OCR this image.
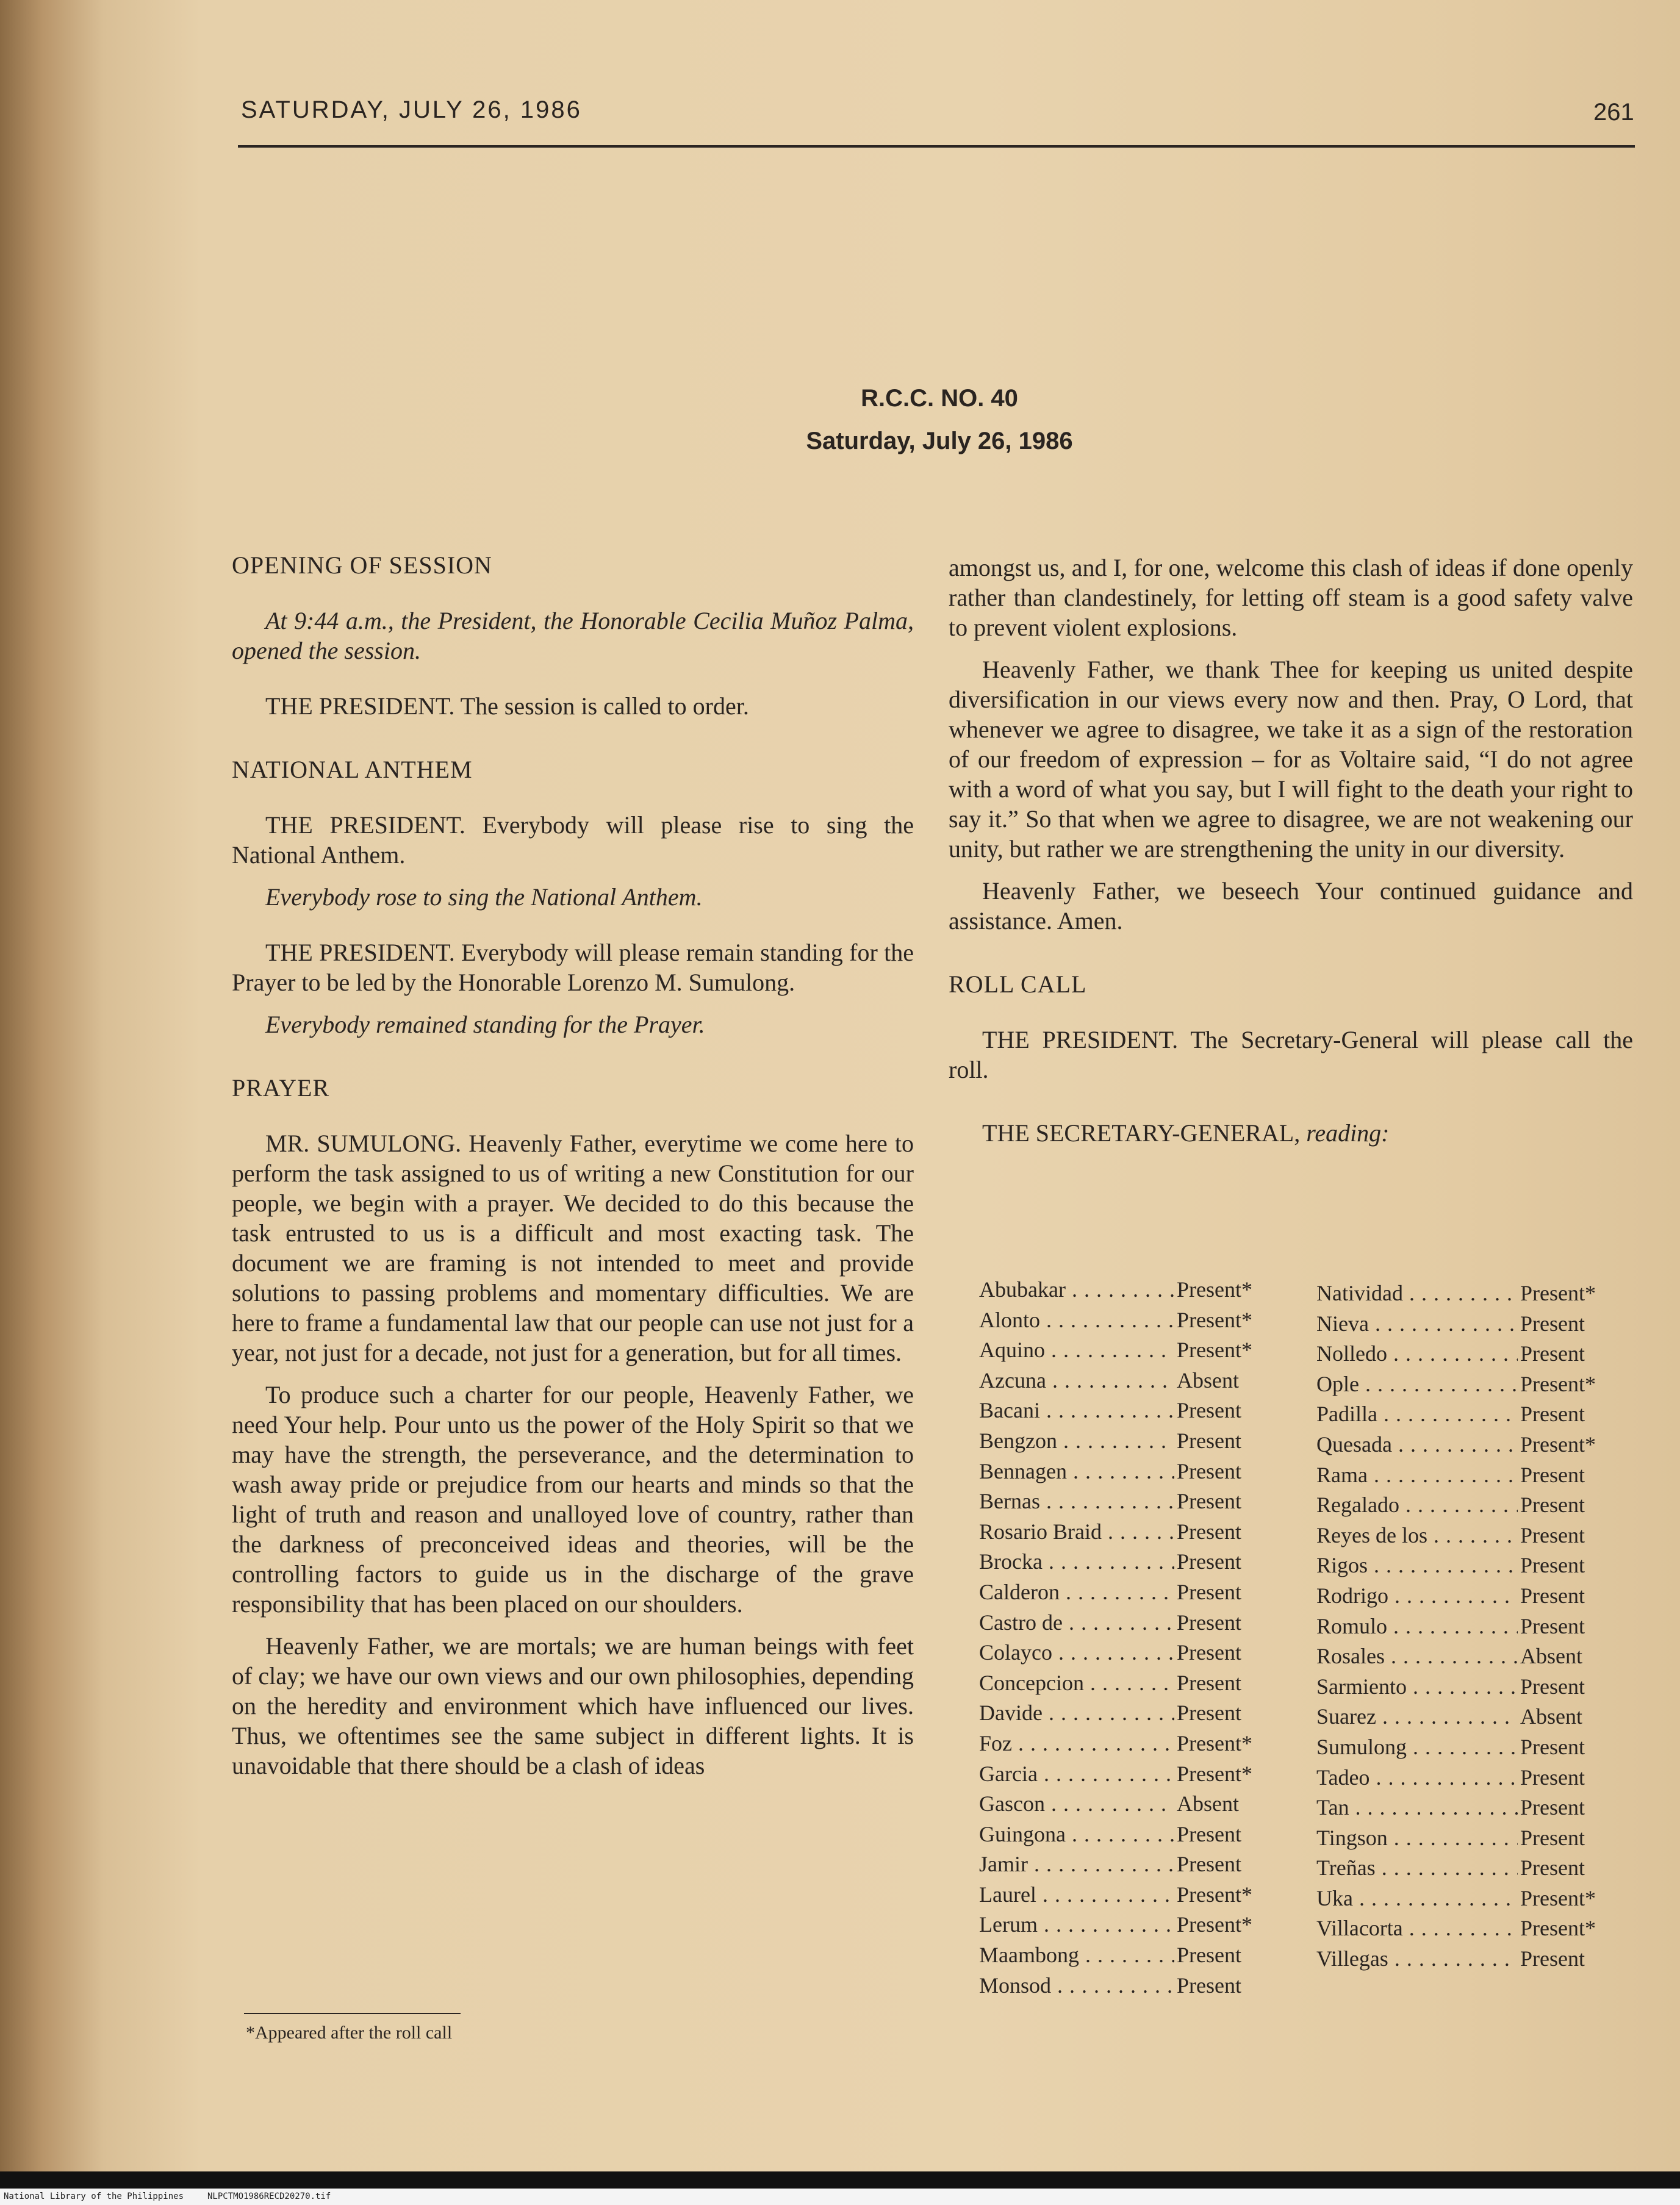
SATURDAY, JULY 26, 1986	261
R.C.C. NO. 40
Saturday, July 26, 1986

OPENING OF SESSION

At 9:44 a.m., the President, the Honorable Cecilia Muñoz Palma, opened the session.

THE PRESIDENT. The session is called to order.

NATIONAL ANTHEM

THE PRESIDENT. Everybody will please rise to sing the National Anthem.

Everybody rose to sing the National Anthem.

THE PRESIDENT. Everybody will please remain standing for the Prayer to be led by the Honorable Lorenzo M. Sumulong.

Everybody remained standing for the Prayer.

PRAYER

MR. SUMULONG. Heavenly Father, everytime we come here to perform the task assigned to us of writing a new Constitution for our people, we begin with a prayer. We decided to do this because the task entrusted to us is a difficult and most exacting task. The document we are framing is not intended to meet and provide solutions to passing problems and momentary difficulties. We are here to frame a fundamental law that our people can use not just for a year, not just for a decade, not just for a generation, but for all times.

To produce such a charter for our people, Heavenly Father, we need Your help. Pour unto us the power of the Holy Spirit so that we may have the strength, the perseverance, and the determination to wash away pride or prejudice from our hearts and minds so that the light of truth and reason and unalloyed love of country, rather than the darkness of preconceived ideas and theories, will be the controlling factors to guide us in the discharge of the grave responsibility that has been placed on our shoulders.

Heavenly Father, we are mortals; we are human beings with feet of clay; we have our own views and our own philosophies, depending on the heredity and environment which have influenced our lives. Thus, we oftentimes see the same subject in different lights. It is unavoidable that there should be a clash of ideas

amongst us, and I, for one, welcome this clash of ideas if done openly rather than clandestinely, for letting off steam is a good safety valve to prevent violent explosions.

Heavenly Father, we thank Thee for keeping us united despite diversification in our views every now and then. Pray, O Lord, that whenever we agree to disagree, we take it as a sign of the restoration of our freedom of expression – for as Voltaire said, “I do not agree with a word of what you say, but I will fight to the death your right to say it.” So that when we agree to disagree, we are not weakening our unity, but rather we are strengthening the unity in our diversity.

Heavenly Father, we beseech Your continued guidance and assistance. Amen.

ROLL CALL

THE PRESIDENT. The Secretary-General will please call the roll.

THE SECRETARY-GENERAL, reading:

Abubakar . . .	Present*
Alonto . . .	Present*
Aquino . . .	Present*
Azcuna . . .	Absent
Bacani . . .	Present
Bengzon . . .	Present
Bennagen . . .	Present
Bernas . . .	Present
Rosario Braid . . .	Present
Brocka . . .	Present
Calderon . . .	Present
Castro de . . .	Present
Colayco . . .	Present
Concepcion . . .	Present
Davide . . .	Present
Foz . . .	Present*
Garcia . . .	Present*
Gascon . . .	Absent
Guingona . . .	Present
Jamir . . .	Present
Laurel . . .	Present*
Lerum . . .	Present*
Maambong . . .	Present
Monsod . . .	Present
Natividad . . .	Present*
Nieva . . .	Present
Nolledo . . .	Present
Ople . . .	Present*
Padilla . . .	Present
Quesada . . .	Present*
Rama . . .	Present
Regalado . . .	Present
Reyes de los . . .	Present
Rigos . . .	Present
Rodrigo . . .	Present
Romulo . . .	Present
Rosales . . .	Absent
Sarmiento . . .	Present
Suarez . . .	Absent
Sumulong . . .	Present
Tadeo . . .	Present
Tan . . .	Present
Tingson . . .	Present
Treñas . . .	Present
Uka . . .	Present*
Villacorta . . .	Present*
Villegas . . .	Present
*Appeared after the roll call
National Library of the Philippines	NLPCTMO1986RECD20270.tif
